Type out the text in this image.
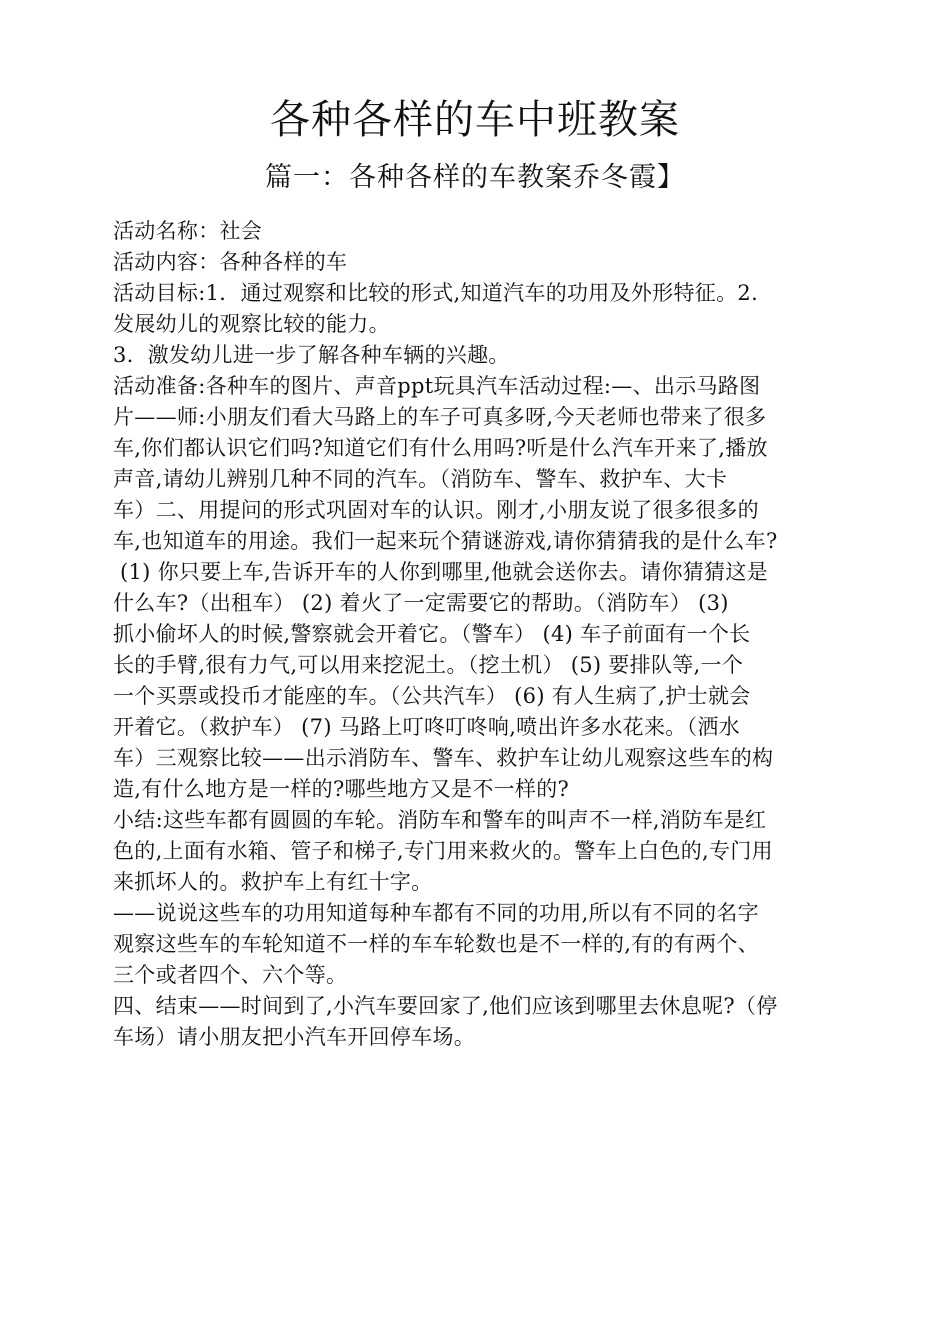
各种各样的车中班教案
篇一：各种各样的车教案乔冬霞】
活动名称：社会
活动内容：各种各样的车
活动目标:1．通过观察和比较的形式,知道汽车的功用及外形特征。2.
发展幼儿的观察比较的能力。
3.  激发幼儿进一步了解各种车辆的兴趣。
活动准备:各种车的图片、声音ppt玩具汽车活动过程:—、出示马路图
片——师:小朋友们看大马路上的车子可真多呀,今天老师也带来了很多
车,你们都认识它们吗?知道它们有什么用吗?听是什么汽车开来了,播放
声音,请幼儿辨别几种不同的汽车。（消防车、警车、救护车、大卡
车）二、用提问的形式巩固对车的认识。刚才,小朋友说了很多很多的
车,也知道车的用途。我们一起来玩个猜谜游戏,请你猜猜我的是什么车?
(1) 你只要上车,告诉开车的人你到哪里,他就会送你去。请你猜猜这是
什么车?（出租车） (2) 着火了一定需要它的帮助。（消防车） (3)
抓小偷坏人的时候,警察就会开着它。（警车） (4) 车子前面有一个长
长的手臂,很有力气,可以用来挖泥土。（挖土机） (5) 要排队等,一个
一个买票或投币才能座的车。（公共汽车） (6) 有人生病了,护士就会
开着它。（救护车） (7) 马路上叮咚叮咚响,喷出许多水花来。（洒水
车）三观察比较——出示消防车、警车、救护车让幼儿观察这些车的构
造,有什么地方是一样的?哪些地方又是不一样的?
小结:这些车都有圆圆的车轮。消防车和警车的叫声不一样,消防车是红
色的,上面有水箱、管子和梯子,专门用来救火的。警车上白色的,专门用
来抓坏人的。救护车上有红十字。
——说说这些车的功用知道每种车都有不同的功用,所以有不同的名字
观察这些车的车轮知道不一样的车车轮数也是不一样的,有的有两个、
三个或者四个、六个等。
四、结束——时间到了,小汽车要回家了,他们应该到哪里去休息呢?（停
车场）请小朋友把小汽车开回停车场。
